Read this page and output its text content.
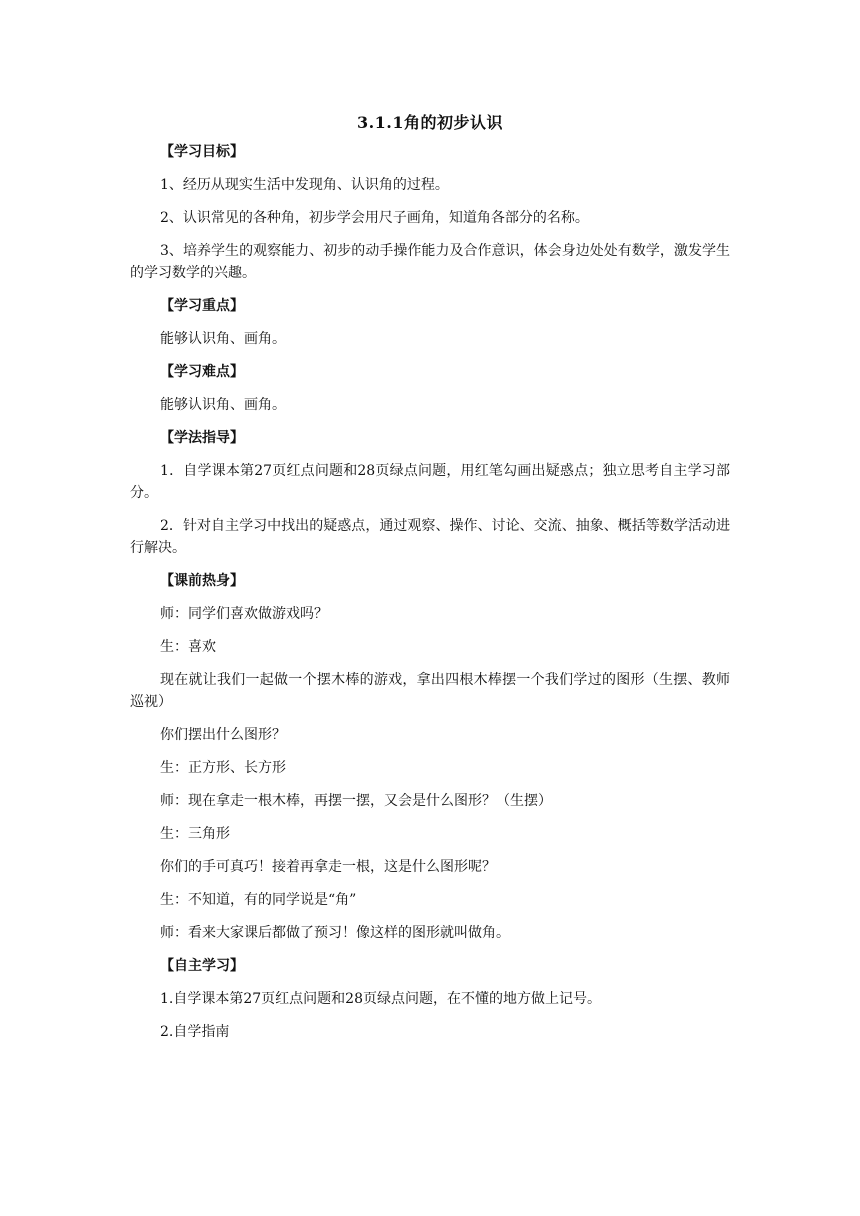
3.1.1角的初步认识
【学习目标】
1、经历从现实生活中发现角、认识角的过程。
2、认识常见的各种角，初步学会用尺子画角，知道角各部分的名称。
3、培养学生的观察能力、初步的动手操作能力及合作意识，体会身边处处有数学，激发学生的学习数学的兴趣。
【学习重点】
能够认识角、画角。
【学习难点】
能够认识角、画角。
【学法指导】
1．自学课本第27页红点问题和28页绿点问题，用红笔勾画出疑惑点；独立思考自主学习部分。
2．针对自主学习中找出的疑惑点，通过观察、操作、讨论、交流、抽象、概括等数学活动进行解决。
【课前热身】
师：同学们喜欢做游戏吗？
生：喜欢
现在就让我们一起做一个摆木棒的游戏，拿出四根木棒摆一个我们学过的图形（生摆、教师巡视）
你们摆出什么图形？
生：正方形、长方形
师：现在拿走一根木棒，再摆一摆，又会是什么图形？（生摆）
生：三角形
你们的手可真巧！接着再拿走一根，这是什么图形呢？
生：不知道，有的同学说是“角”
师：看来大家课后都做了预习！像这样的图形就叫做角。
【自主学习】
1.自学课本第27页红点问题和28页绿点问题，在不懂的地方做上记号。
2.自学指南
